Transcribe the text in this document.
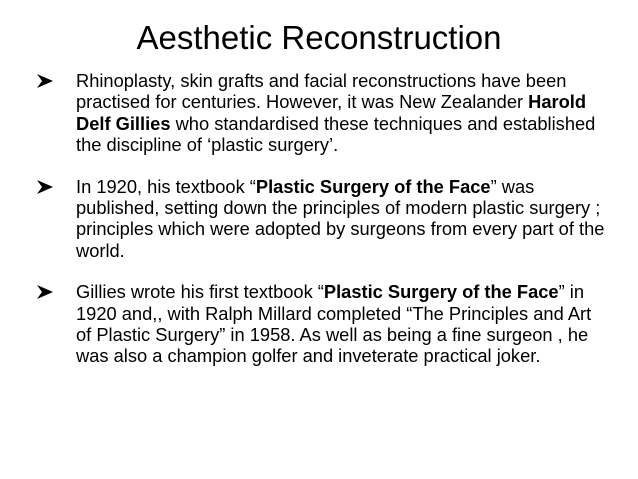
Aesthetic Reconstruction
Rhinoplasty, skin grafts and facial reconstructions have been practised for centuries. However, it was New Zealander Harold Delf Gillies who standardised these techniques and established the discipline of ‘plastic surgery’.
In 1920, his textbook “Plastic Surgery of the Face” was published, setting down the principles of modern plastic surgery ; principles which were adopted by surgeons from every part of the world.
Gillies wrote his first textbook “Plastic Surgery of the Face” in 1920 and,, with Ralph Millard completed “The Principles and Art of Plastic Surgery” in 1958. As well as being a fine surgeon , he was also a champion golfer and inveterate practical joker.
